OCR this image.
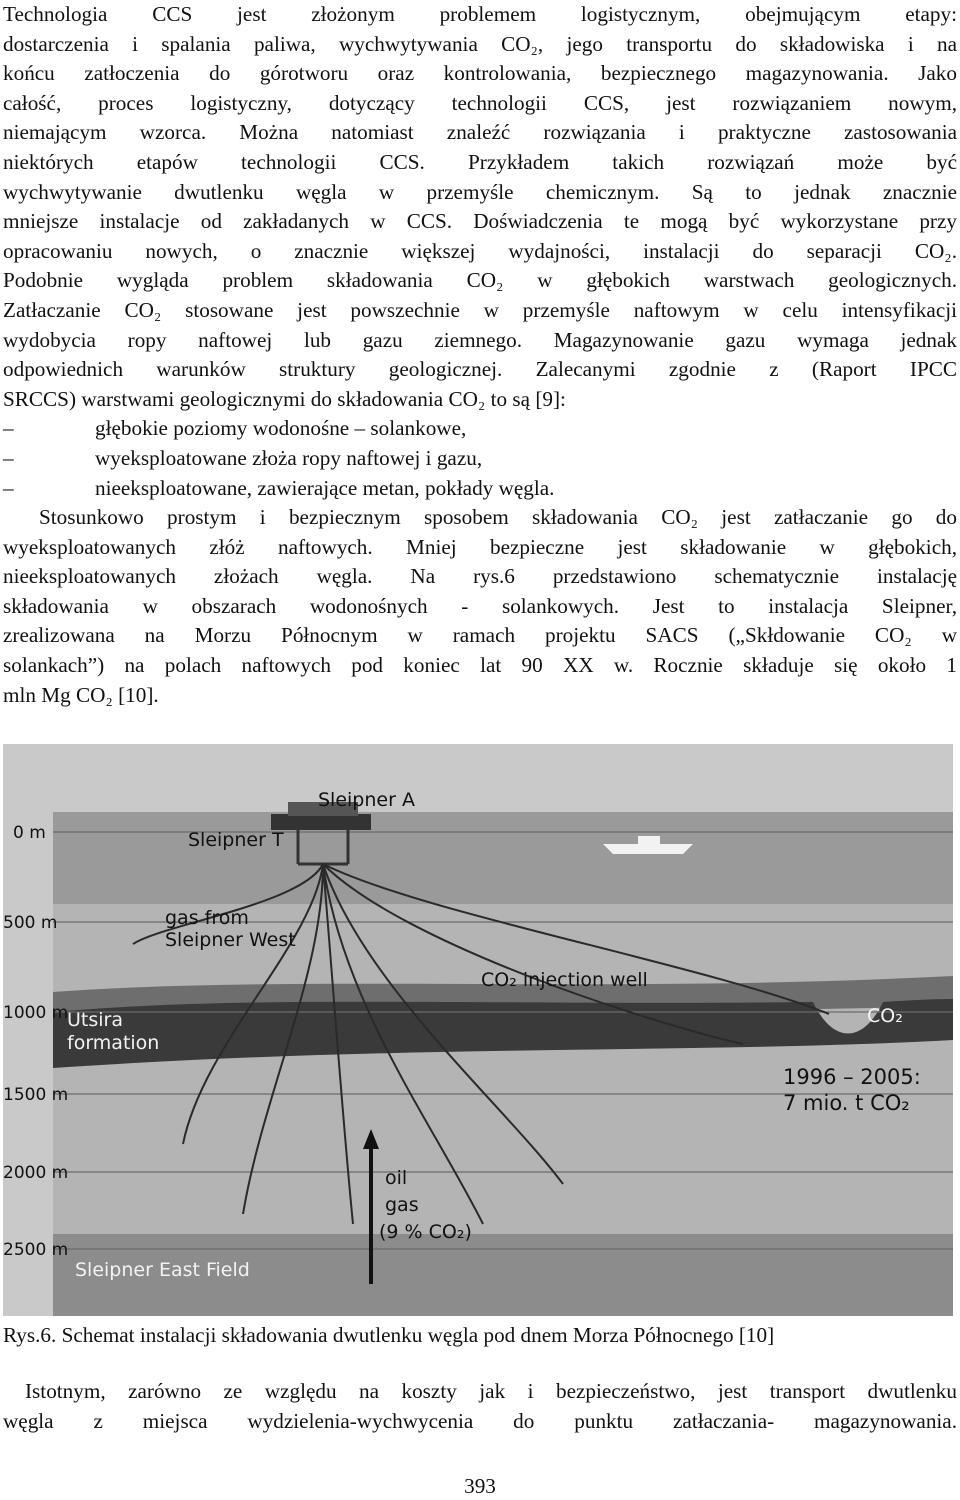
Technologia CCS jest złożonym problemem logistycznym, obejmującym etapy:
dostarczenia i spalania paliwa, wychwytywania CO₂, jego transportu do składowiska i na
końcu zatłoczenia do górotworu oraz kontrolowania, bezpiecznego magazynowania. Jako
całość, proces logistyczny, dotyczący technologii CCS, jest rozwiązaniem nowym,
niemającym wzorca. Można natomiast znaleźć rozwiązania i praktyczne zastosowania
niektórych etapów technologii CCS. Przykładem takich rozwiązań może być
wychwytywanie dwutlenku węgla w przemyśle chemicznym. Są to jednak znacznie
mniejsze instalacje od zakładanych w CCS. Doświadczenia te mogą być wykorzystane przy
opracowaniu nowych, o znacznie większej wydajności, instalacji do separacji CO₂.
Podobnie wygląda problem składowania CO₂ w głębokich warstwach geologicznych.
Zatłaczanie CO₂ stosowane jest powszechnie w przemyśle naftowym w celu intensyfikacji
wydobycia ropy naftowej lub gazu ziemnego. Magazynowanie gazu wymaga jednak
odpowiednich warunków struktury geologicznej. Zalecanymi zgodnie z (Raport IPCC
SRCCS) warstwami geologicznymi do składowania CO₂ to są [9]:
–	głębokie poziomy wodonośne – solankowe,
–	wyeksploatowane złoża ropy naftowej i gazu,
–	nieeksploatowane, zawierające metan, pokłady węgla.
Stosunkowo prostym i bezpiecznym sposobem składowania CO₂ jest zatłaczanie go do
wyeksploatowanych złóż naftowych. Mniej bezpieczne jest składowanie w głębokich,
nieeksploatowanych złożach węgla. Na rys.6 przedstawiono schematycznie instalację
składowania w obszarach wodonośnych - solankowych. Jest to instalacja Sleipner,
zrealizowana na Morzu Północnym w ramach projektu SACS („Skłdowanie CO₂ w
solankach”) na polach naftowych pod koniec lat 90 XX w. Rocznie składuje się około 1
mln Mg CO₂ [10].
0 m
500 m
1000 m
1500 m
2000 m
2500 m
Sleipner A
Sleipner T
gas from
Sleipner West
CO₂ injection well
Utsira
formation
CO₂
1996 – 2005:
7 mio. t CO₂
oil
gas
(9 % CO₂)
Sleipner East Field
Rys.6. Schemat instalacji składowania dwutlenku węgla pod dnem Morza Północnego [10]
Istotnym, zarówno ze względu na koszty jak i bezpieczeństwo, jest transport dwutlenku
węgla z miejsca wydzielenia-wychwycenia do punktu zatłaczania- magazynowania.
393
